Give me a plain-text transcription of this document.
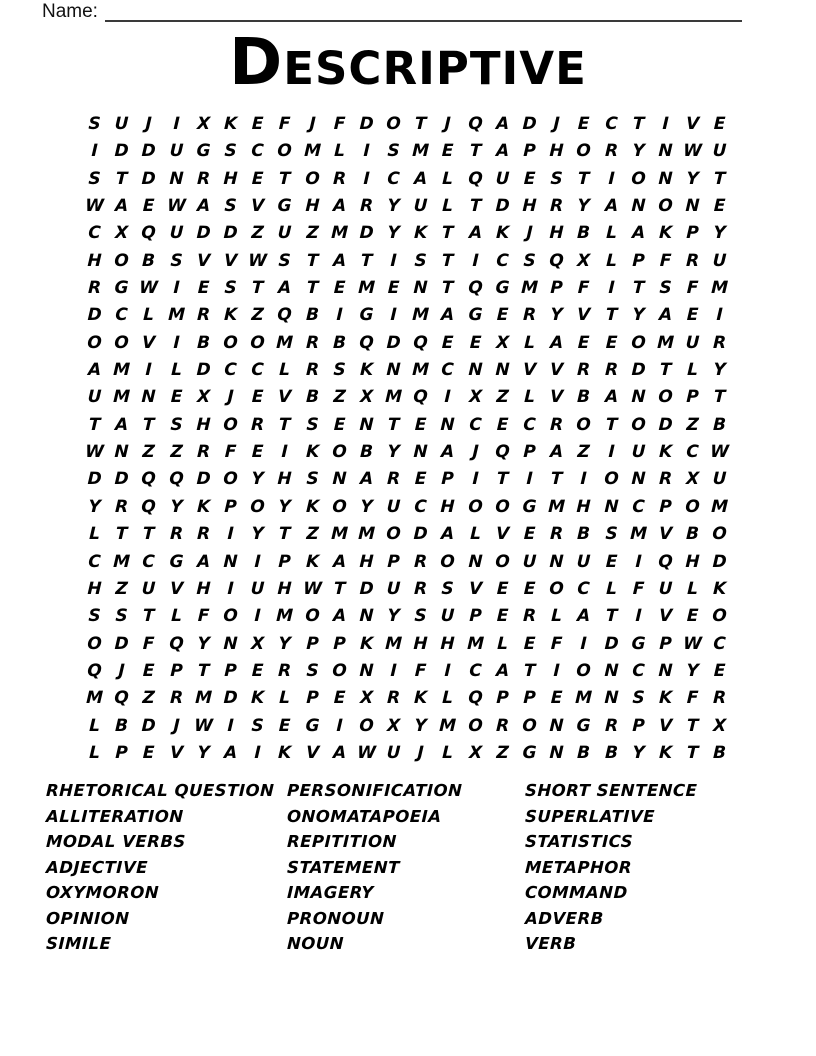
Name:
Descriptive
S U J	I X K E F	J	F D O T	J Q A D J	E C T	I V E
I D D U G S C O M L	I	S M E T A P H O R Y N W U
S T D N R H E T O R I	C A L Q U E S T	I O N Y T
W A E W A S V G H A R Y U L T D H R Y A N O N E
C X Q U D D Z U Z M D Y K T A K J H B L A K P Y
H O B S V V W S T A T	I	S T	I	C S Q X L P F R U
R G W I	E S T A T E M E N T Q G M P F	I	T S F M
D C L M R K Z Q B I G I M A G E R Y V T Y A E	I
O O V I B O O M R B Q D Q E E X L A E E O M U R
A M I	L D C C L R S K N M C N N V V R R D T L Y
U M N E X J	E V B Z X M Q I X Z L V B A N O P T
T A T S H O R T S E N T E N C E C R O T O D Z B
W N Z Z R F E	I K O B Y N A J Q P A Z	I U K C W
D D Q Q D O Y H S N A R E P	I	T	I	T	I O N R X U
Y R Q Y K P O Y K O Y U C H O O G M H N C P O M
L T T R R I	Y T Z M M O D A L V E R B S M V B O
C M C G A N I	P K A H P R O N O U N U E	I Q H D
H Z U V H I U H W T D U R S V E E O C L F U L K
S S T L F O I M O A N Y S U P E R L A T	I V E O
O D F Q Y N X Y P P K M H H M L E F	I D G P W C
Q J	E P T P E R S O N I	F	I	C A T	I O N C N Y E
M Q Z R M D K L P E X R K L Q P P E M N S K F R
L B D J W I	S E G I O X Y M O R O N G R P V T X
L P E V Y A I K V A W U J	L X Z G N B B Y K T B
RHETORICAL QUESTION
ALLITERATION
MODAL VERBS
ADJECTIVE
OXYMORON
OPINION
SIMILE
PERSONIFICATION
ONOMATAPOEIA
REPITITION
STATEMENT
IMAGERY
PRONOUN
NOUN
SHORT SENTENCE
SUPERLATIVE
STATISTICS
METAPHOR
COMMAND
ADVERB
VERB
